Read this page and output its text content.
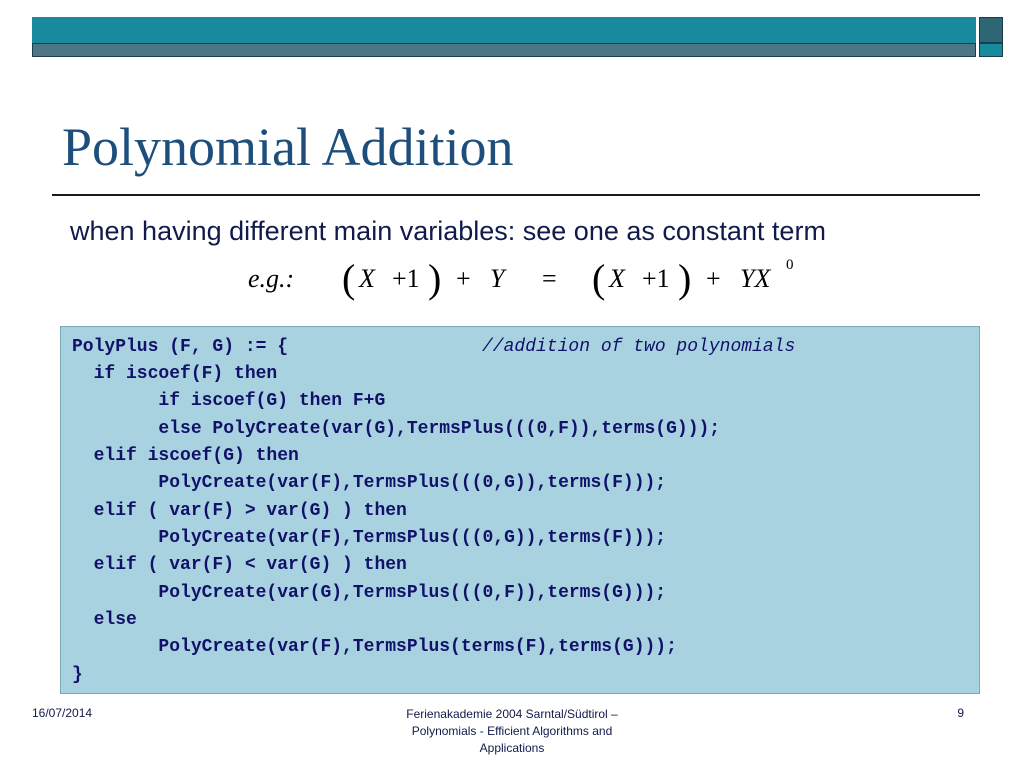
Polynomial Addition
when having different main variables: see one as constant term
e.g.: ( X +1 ) + Y = ( X +1 ) + YX 0
PolyPlus (F, G) := {	//addition of two polynomials
if iscoef(F) then
if iscoef(G) then F+G
else PolyCreate(var(G),TermsPlus(((0,F)),terms(G)));
elif iscoef(G) then
PolyCreate(var(F),TermsPlus(((0,G)),terms(F)));
elif ( var(F) > var(G) ) then
PolyCreate(var(F),TermsPlus(((0,G)),terms(F)));
elif ( var(F) < var(G) ) then
PolyCreate(var(G),TermsPlus(((0,F)),terms(G)));
else
PolyCreate(var(F),TermsPlus(terms(F),terms(G)));
}
16/07/2014	Ferienakademie 2004 Sarntal/Südtirol –
Polynomials - Efficient Algorithms and
Applications
9
